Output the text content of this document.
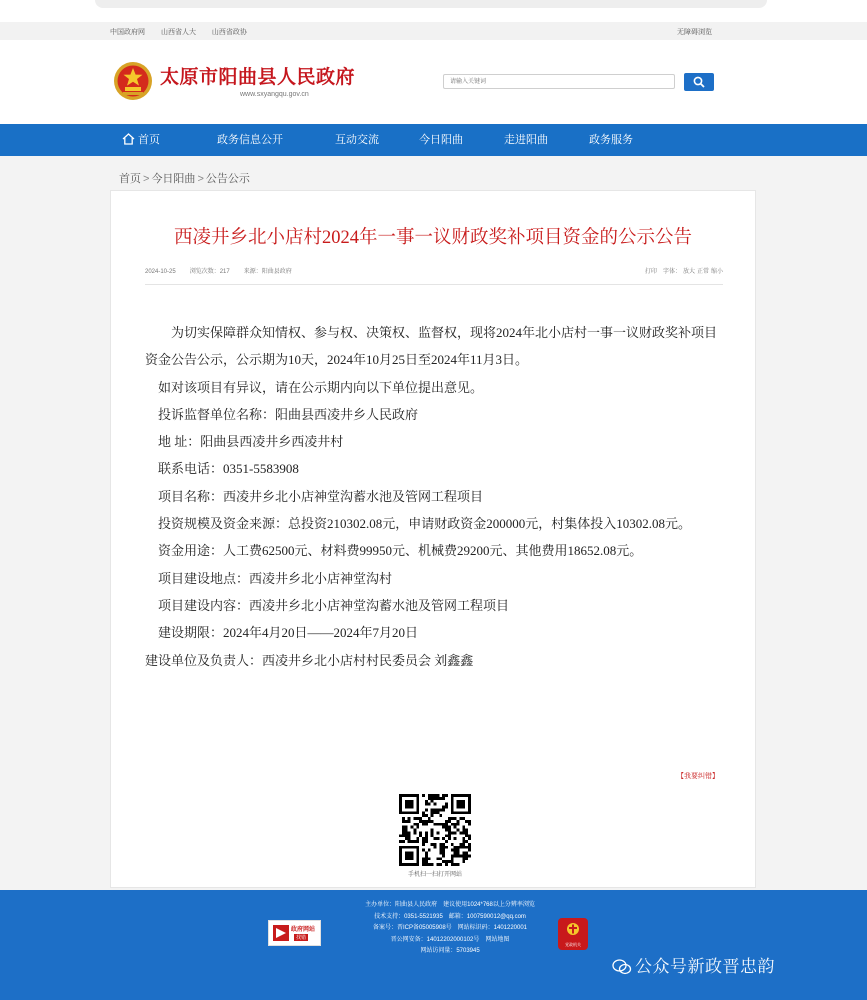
中国政府网 山西省人大 山西省政协	无障碍浏览
太原市阳曲县人民政府
www.sxyangqu.gov.cn
请输入关键词
首页	政务信息公开	互动交流	今日阳曲	走进阳曲	政务服务
首页 > 今日阳曲 > 公告公示
西凌井乡北小店村2024年一事一议财政奖补项目资金的公示公告
2024-10-25 浏览次数：217 来源：阳曲县政府	打印 字体： 放大 正常 缩小

为切实保障群众知情权、参与权、决策权、监督权，现将2024年北小店村一事一议财政奖补项目资金公告公示，公示期为10天，2024年10月25日至2024年11月3日。

如对该项目有异议，请在公示期内向以下单位提出意见。

投诉监督单位名称：阳曲县西凌井乡人民政府

地 址：阳曲县西凌井乡西凌井村

联系电话：0351-5583908

项目名称：西凌井乡北小店神堂沟蓄水池及管网工程项目

投资规模及资金来源：总投资210302.08元，申请财政资金200000元，村集体投入10302.08元。

资金用途：人工费62500元、材料费99950元、机械费29200元、其他费用18652.08元。

项目建设地点：西凌井乡北小店神堂沟村

项目建设内容：西凌井乡北小店神堂沟蓄水池及管网工程项目

建设期限：2024年4月20日——2024年7月20日

建设单位及负责人：西凌井乡北小店村村民委员会 刘鑫鑫

【我要纠错】
手机扫一扫打开网站
政府网站
找错
主办单位：阳曲县人民政府　建议使用1024*768以上分辨率浏览
技术支持：0351-5521935　邮箱：1007590012@qq.com
备案号：晋ICP备05005908号　网站标识码：1401220001
晋公网安备：14012202000102号　网站地图
网站访问量：5703945
党政机关
公众号新政晋忠韵
